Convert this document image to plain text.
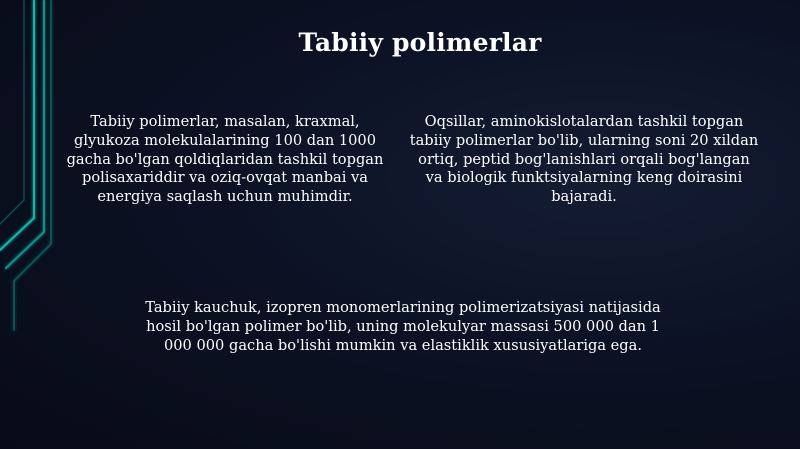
Tabiiy polimerlar
Tabiiy polimerlar, masalan, kraxmal, glyukoza molekulalarining 100 dan 1000 gacha bo'lgan qoldiqlaridan tashkil topgan polisaxariddir va oziq-ovqat manbai va energiya saqlash uchun muhimdir.
Oqsillar, aminokislotalardan tashkil topgan tabiiy polimerlar bo'lib, ularning soni 20 xildan ortiq, peptid bog'lanishlari orqali bog'langan va biologik funktsiyalarning keng doirasini bajaradi.
Tabiiy kauchuk, izopren monomerlarining polimerizatsiyasi natijasida hosil bo'lgan polimer bo'lib, uning molekulyar massasi 500 000 dan 1 000 000 gacha bo'lishi mumkin va elastiklik xususiyatlariga ega.
